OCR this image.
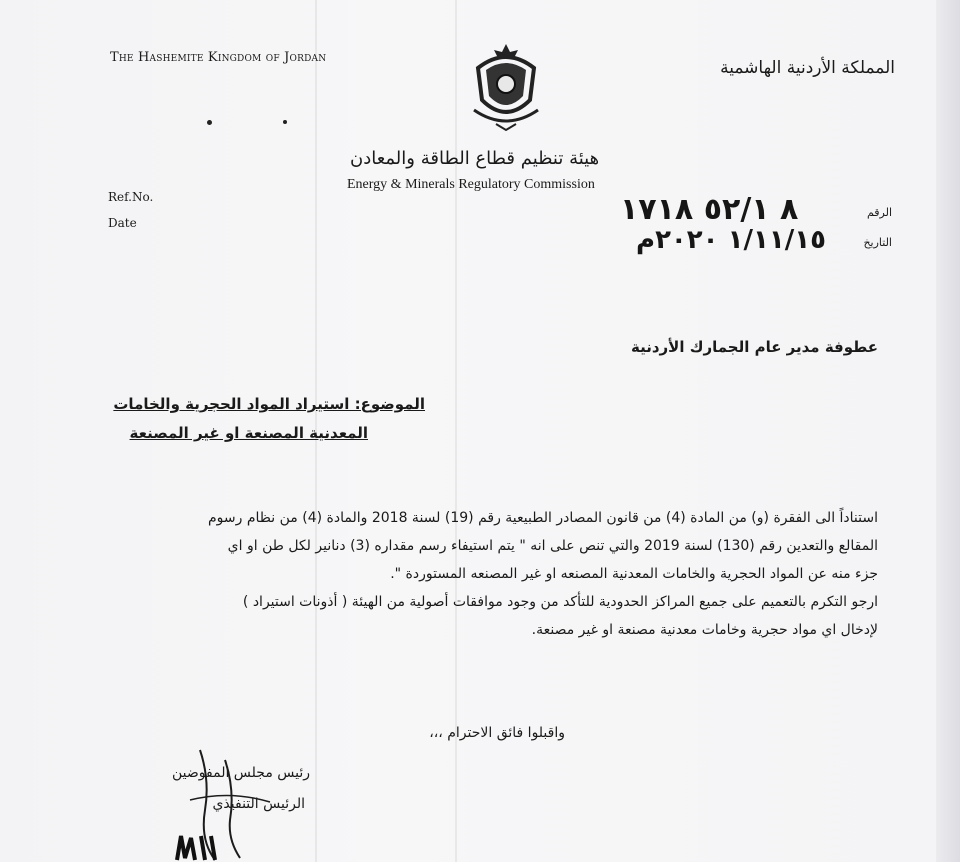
The Hashemite Kingdom of Jordan
المملكة الأردنية الهاشمية
هيئة تنظيم قطاع الطاقة والمعادن
Energy & Minerals Regulatory Commission
Ref.No.
Date
الرقم
التاريخ
٨ ٥٢/١ ١٧١٨
١/١١/١٥ ٢٠٢٠م
عطوفة مدير عام الجمارك الأردنية
الموضوع: استيراد المواد الحجرية والخامات
المعدنية المصنعة او غير المصنعة
استناداً الى الفقرة (و) من المادة (4) من قانون المصادر الطبيعية رقم (19) لسنة 2018 والمادة (4) من نظام رسوم
المقالع والتعدين رقم (130) لسنة 2019 والتي تنص على انه " يتم استيفاء رسم مقداره (3) دنانير لكل طن او اي
جزء منه عن المواد الحجرية والخامات المعدنية المصنعه او غير المصنعه المستوردة ".
ارجو التكرم بالتعميم على جميع المراكز الحدودية للتأكد من وجود موافقات أصولية من الهيئة ( أذونات استيراد )
لإدخال اي مواد حجرية وخامات معدنية مصنعة او غير مصنعة.
واقبلوا فائق الاحترام ،،،
رئيس مجلس المفوضين
الرئيس التنفيذي
